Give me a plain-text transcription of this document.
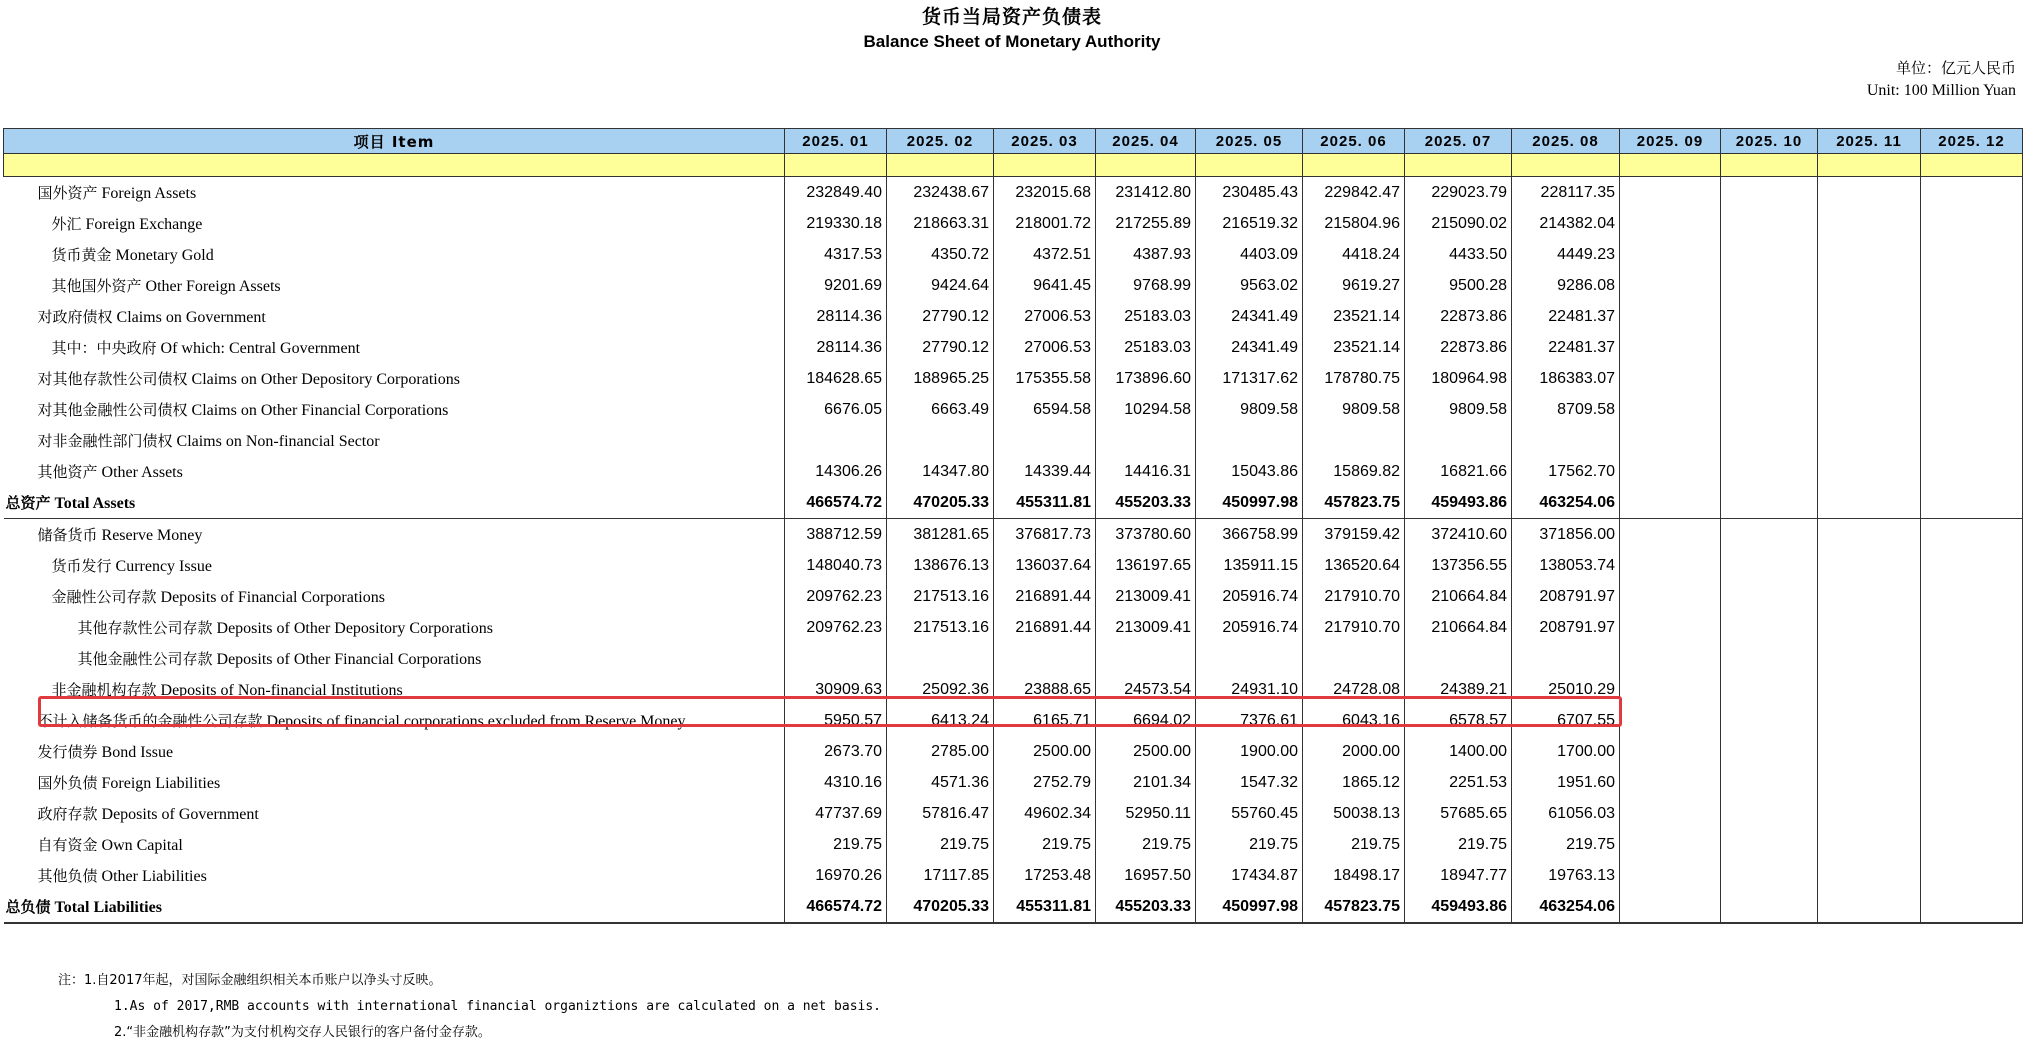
货币当局资产负债表
Balance Sheet of Monetary Authority
单位：亿元人民币
Unit: 100 Million Yuan
项目 Item	2025. 01	2025. 02	2025. 03	2025. 04	2025. 05	2025. 06	2025. 07	2025. 08	2025. 09	2025. 10	2025. 11	2025. 12

国外资产 Foreign Assets	232849.40	232438.67	232015.68	231412.80	230485.43	229842.47	229023.79	228117.35				
外汇 Foreign Exchange	219330.18	218663.31	218001.72	217255.89	216519.32	215804.96	215090.02	214382.04				
货币黄金 Monetary Gold	4317.53	4350.72	4372.51	4387.93	4403.09	4418.24	4433.50	4449.23				
其他国外资产 Other Foreign Assets	9201.69	9424.64	9641.45	9768.99	9563.02	9619.27	9500.28	9286.08				
对政府债权 Claims on Government	28114.36	27790.12	27006.53	25183.03	24341.49	23521.14	22873.86	22481.37				
其中：中央政府 Of which: Central Government	28114.36	27790.12	27006.53	25183.03	24341.49	23521.14	22873.86	22481.37				
对其他存款性公司债权 Claims on Other Depository Corporations	184628.65	188965.25	175355.58	173896.60	171317.62	178780.75	180964.98	186383.07				
对其他金融性公司债权 Claims on Other Financial Corporations	6676.05	6663.49	6594.58	10294.58	9809.58	9809.58	9809.58	8709.58				
对非金融性部门债权 Claims on Non-financial Sector												
其他资产 Other Assets	14306.26	14347.80	14339.44	14416.31	15043.86	15869.82	16821.66	17562.70				
总资产 Total Assets	466574.72	470205.33	455311.81	455203.33	450997.98	457823.75	459493.86	463254.06				
储备货币 Reserve Money	388712.59	381281.65	376817.73	373780.60	366758.99	379159.42	372410.60	371856.00				
货币发行 Currency Issue	148040.73	138676.13	136037.64	136197.65	135911.15	136520.64	137356.55	138053.74				
金融性公司存款 Deposits of Financial Corporations	209762.23	217513.16	216891.44	213009.41	205916.74	217910.70	210664.84	208791.97				
其他存款性公司存款 Deposits of Other Depository Corporations	209762.23	217513.16	216891.44	213009.41	205916.74	217910.70	210664.84	208791.97				
其他金融性公司存款 Deposits of Other Financial Corporations												
非金融机构存款 Deposits of Non-financial Institutions	30909.63	25092.36	23888.65	24573.54	24931.10	24728.08	24389.21	25010.29				
不计入储备货币的金融性公司存款 Deposits of financial corporations excluded from Reserve Money	5950.57	6413.24	6165.71	6694.02	7376.61	6043.16	6578.57	6707.55				
发行债券 Bond Issue	2673.70	2785.00	2500.00	2500.00	1900.00	2000.00	1400.00	1700.00				
国外负债 Foreign Liabilities	4310.16	4571.36	2752.79	2101.34	1547.32	1865.12	2251.53	1951.60				
政府存款 Deposits of Government	47737.69	57816.47	49602.34	52950.11	55760.45	50038.13	57685.65	61056.03				
自有资金 Own Capital	219.75	219.75	219.75	219.75	219.75	219.75	219.75	219.75				
其他负债 Other Liabilities	16970.26	17117.85	17253.48	16957.50	17434.87	18498.17	18947.77	19763.13				
总负债 Total Liabilities	466574.72	470205.33	455311.81	455203.33	450997.98	457823.75	459493.86	463254.06				
注：1.自2017年起，对国际金融组织相关本币账户以净头寸反映。
1.As of 2017,RMB accounts with international financial organiztions are calculated on a net basis.
2.“非金融机构存款”为支付机构交存人民银行的客户备付金存款。
